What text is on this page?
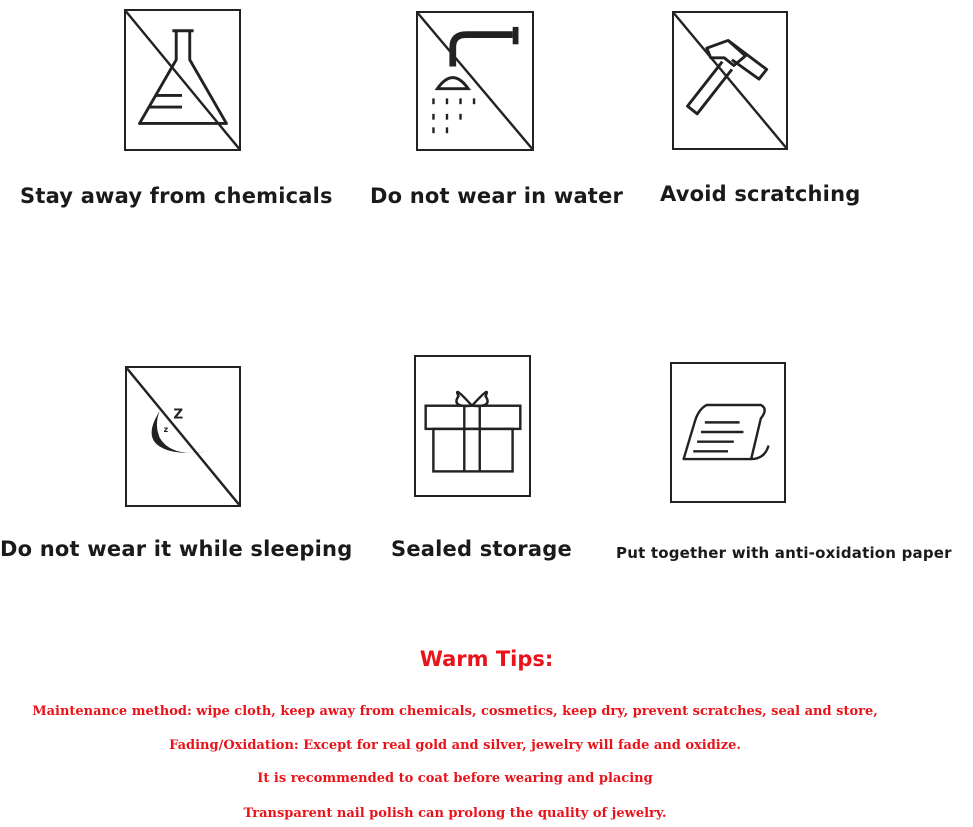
Stay away from chemicals Do not wear in water Avoid scratching
Z
z
Do not wear it while sleeping Sealed storage	Put together with anti-oxidation paper
Warm Tips:
Maintenance method: wipe cloth, keep away from chemicals, cosmetics, keep dry, prevent scratches, seal and store,
Fading/Oxidation: Except for real gold and silver, jewelry will fade and oxidize.
It is recommended to coat before wearing and placing
Transparent nail polish can prolong the quality of jewelry.
